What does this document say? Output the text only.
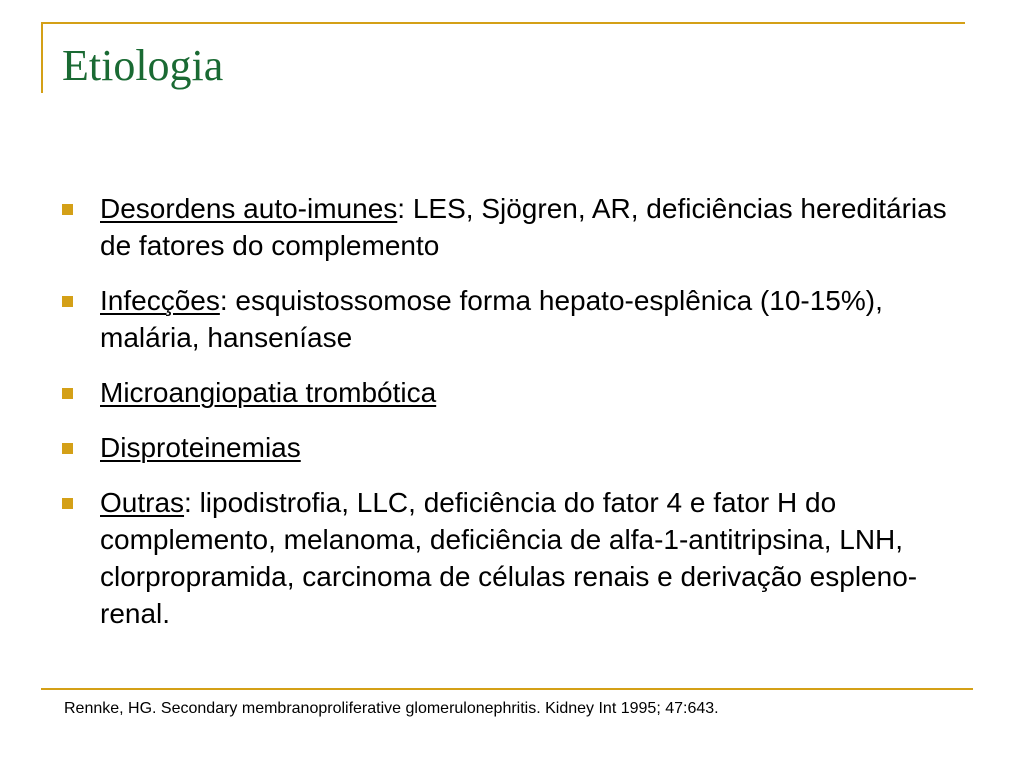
Etiologia
Desordens auto-imunes: LES, Sjögren, AR, deficiências hereditárias de fatores do complemento
Infecções: esquistossomose forma hepato-esplênica (10-15%), malária, hanseníase
Microangiopatia trombótica
Disproteinemias
Outras: lipodistrofia, LLC, deficiência do fator 4 e fator H do complemento, melanoma, deficiência de alfa-1-antitripsina, LNH, clorpropramida, carcinoma de células renais e derivação espleno-renal.
Rennke, HG. Secondary membranoproliferative glomerulonephritis. Kidney Int 1995; 47:643.
